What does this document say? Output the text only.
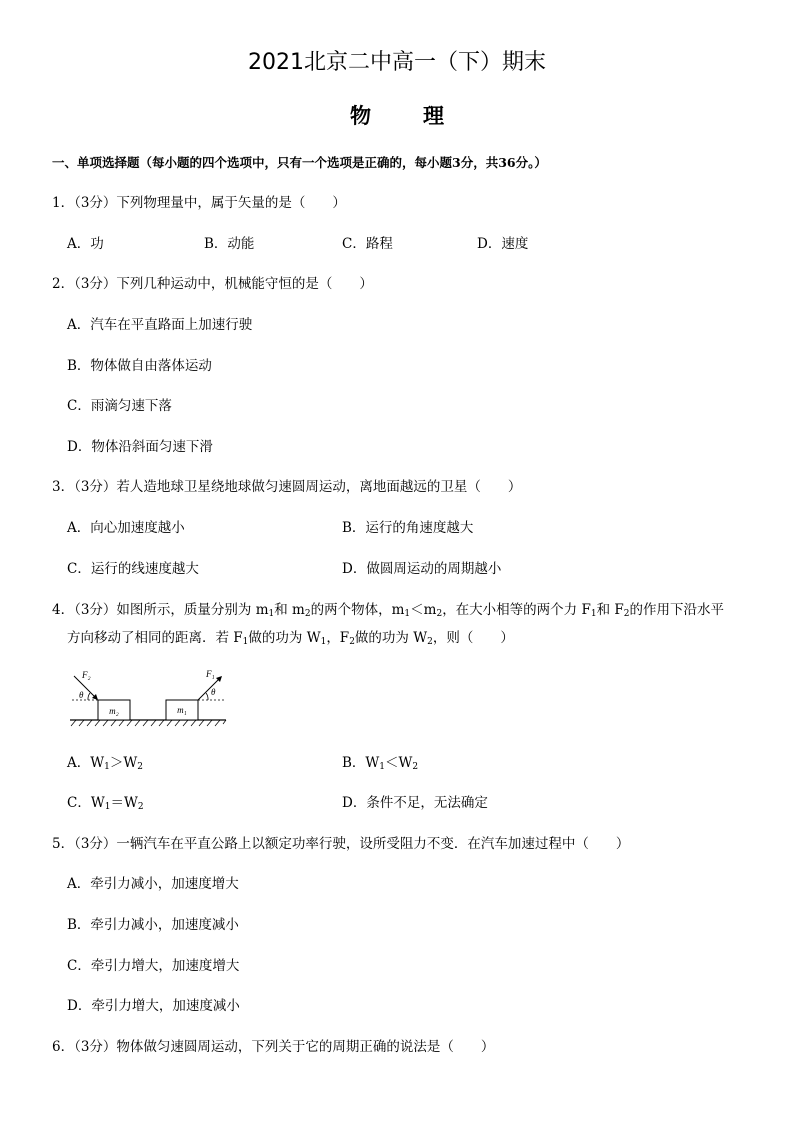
2021北京二中高一（下）期末
物 理
一、单项选择题（每小题的四个选项中，只有一个选项是正确的，每小题3分，共36分。）
1．（3分）下列物理量中，属于矢量的是（　　）
A．功	B．动能	C．路程	D．速度
2．（3分）下列几种运动中，机械能守恒的是（　　）
A．汽车在平直路面上加速行驶
B．物体做自由落体运动
C．雨滴匀速下落
D．物体沿斜面匀速下滑
3．（3分）若人造地球卫星绕地球做匀速圆周运动，离地面越远的卫星（　　）
A．向心加速度越小	B．运行的角速度越大
C．运行的线速度越大	D．做圆周运动的周期越小
4．（3分）如图所示，质量分别为 $m_1$和 $m_2$的两个物体，$m_1<m_2$，在大小相等的两个力 $F_1$和 $F_2$的作用下沿水平
方向移动了相同的距离．若 $F_1$做的功为 $W_1$，$F_2$做的功为 $W_2$，则（　　）
m₂	m₁
F₂
θ
F₁
θ
A．$W_1>W_2$	B．$W_1<W_2$
C．$W_1=W_2$	D．条件不足，无法确定
5．（3分）一辆汽车在平直公路上以额定功率行驶，设所受阻力不变．在汽车加速过程中（　　）
A．牵引力减小，加速度增大
B．牵引力减小，加速度减小
C．牵引力增大，加速度增大
D．牵引力增大，加速度减小
6．（3分）物体做匀速圆周运动，下列关于它的周期正确的说法是（　　）
